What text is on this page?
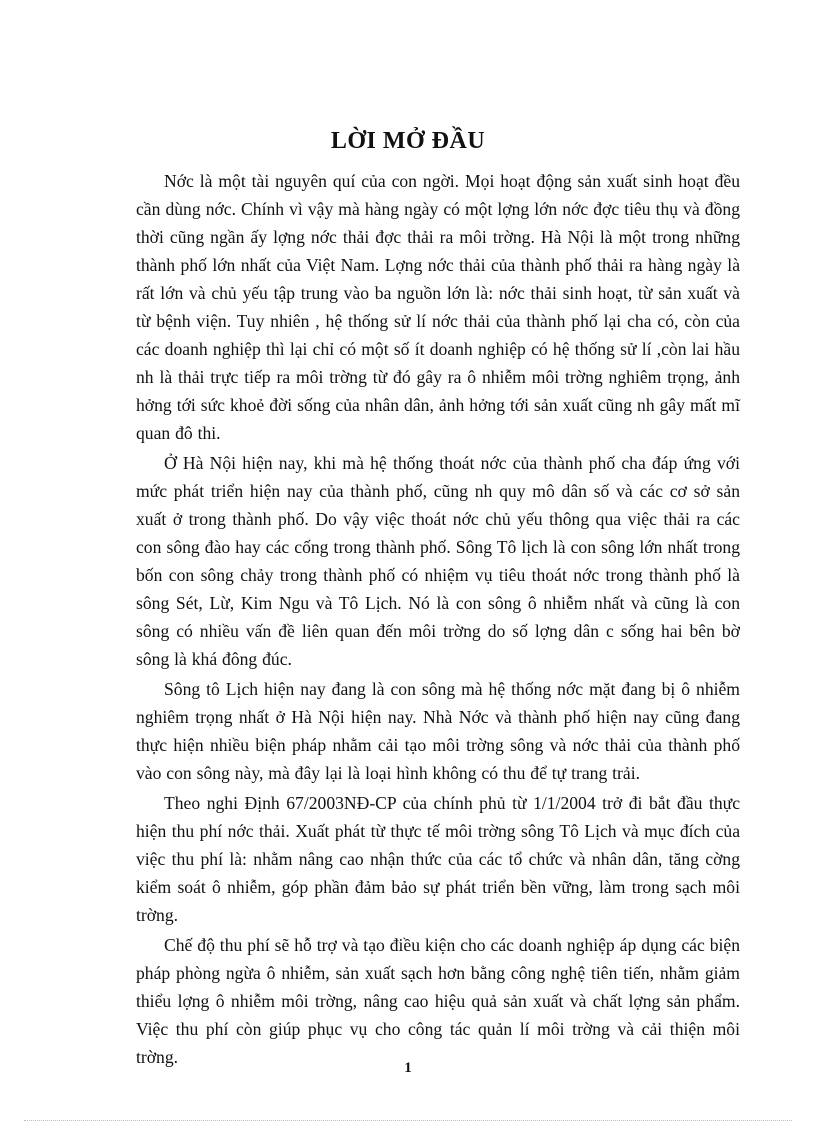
LỜI MỞ ĐẦU

Nớc là một tài nguyên quí của con ngời. Mọi hoạt động sản xuất sinh hoạt đều cần dùng nớc. Chính vì vậy mà hàng ngày có một lợng lớn nớc đợc tiêu thụ và đồng thời cũng ngần ấy lợng nớc thải đợc thải ra môi trờng. Hà Nội là một trong những thành phố lớn nhất của Việt Nam. Lợng nớc thải của thành phố thải ra hàng ngày là rất lớn và chủ yếu tập trung vào ba nguồn lớn là: nớc thải sinh hoạt, từ sản xuất và từ bệnh viện. Tuy nhiên , hệ thống sử lí nớc thải của thành phố lại cha có, còn của các doanh nghiệp thì lại chỉ có một số ít doanh nghiệp có hệ thống sử lí ,còn lai hầu nh là thải trực tiếp ra môi trờng từ đó gây ra ô nhiễm môi trờng nghiêm trọng, ảnh hởng tới sức khoẻ đời sống của nhân dân, ảnh hởng tới sản xuất cũng nh gây mất mĩ quan đô thi.

Ở Hà Nội hiện nay, khi mà hệ thống thoát nớc của thành phố cha đáp ứng với mức phát triển hiện nay của thành phố, cũng nh quy mô dân số và các cơ sở sản xuất ở trong thành phố. Do vậy việc thoát nớc chủ yếu thông qua việc thải ra các con sông đào hay các cống trong thành phố. Sông Tô lịch là con sông lớn nhất trong bốn con sông chảy trong thành phố có nhiệm vụ tiêu thoát nớc trong thành phố là sông Sét, Lừ, Kim Ngu và Tô Lịch. Nó là con sông ô nhiễm nhất và cũng là con sông có nhiều vấn đề liên quan đến môi trờng do số lợng dân c sống hai bên bờ sông là khá đông đúc.

Sông tô Lịch hiện nay đang là con sông mà hệ thống nớc mặt đang bị ô nhiễm nghiêm trọng nhất ở Hà Nội hiện nay. Nhà Nớc và thành phố hiện nay cũng đang thực hiện nhiều biện pháp nhằm cải tạo môi trờng sông và nớc thải của thành phố vào con sông này, mà đây lại là loại hình không có thu để tự trang trải.

Theo nghi Định 67/2003NĐ-CP của chính phủ từ 1/1/2004 trở đi bắt đầu thực hiện thu phí nớc thải. Xuất phát từ thực tế môi trờng sông Tô Lịch và mục đích của việc thu phí là: nhằm nâng cao nhận thức của các tổ chức và nhân dân, tăng cờng kiểm soát ô nhiễm, góp phần đảm bảo sự phát triển bền vững, làm trong sạch môi trờng.

Chế độ thu phí sẽ hỗ trợ và tạo điều kiện cho các doanh nghiệp áp dụng các biện pháp phòng ngừa ô nhiễm, sản xuất sạch hơn bằng công nghệ tiên tiến, nhằm giảm thiểu lợng ô nhiễm môi trờng, nâng cao hiệu quả sản xuất và chất lợng sản phẩm. Việc thu phí còn giúp phục vụ cho công tác quản lí môi trờng và cải thiện môi trờng.

1
